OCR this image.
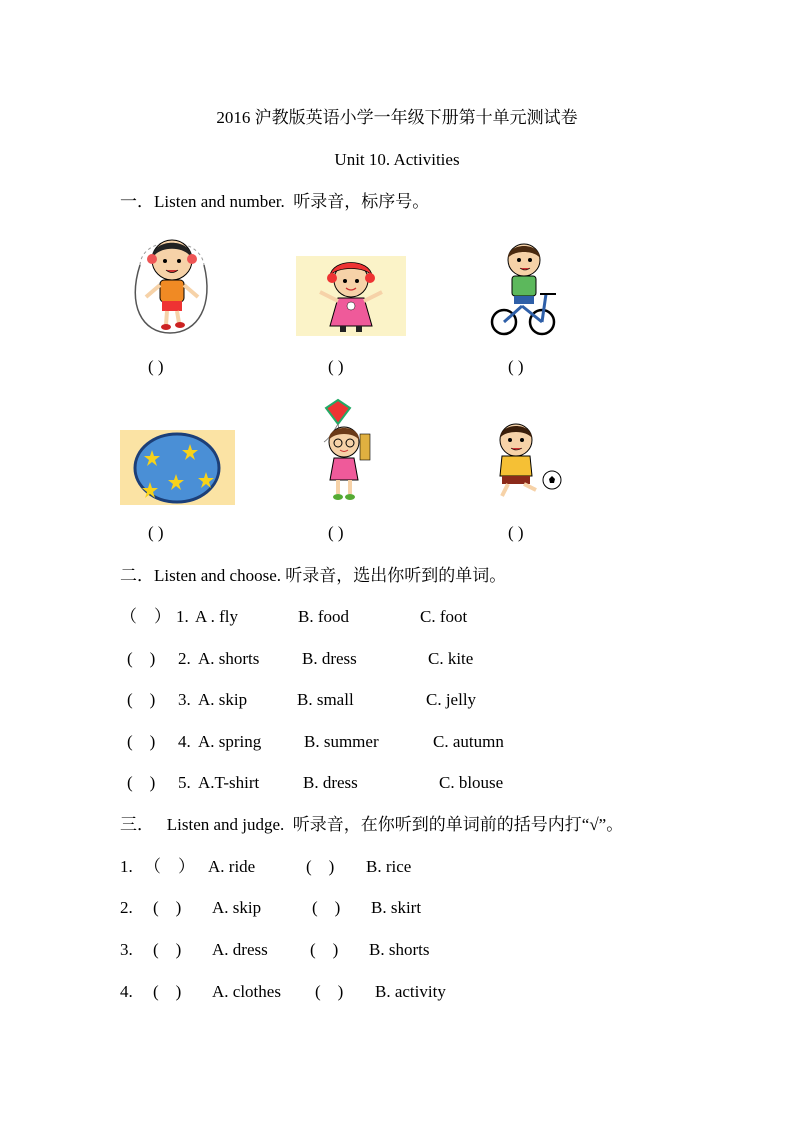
2016 沪教版英语小学一年级下册第十单元测试卷
Unit 10. Activities
一．Listen and number.  听录音，标序号。
( )	( )	( )
( )	( )	( )
二．Listen and choose. 听录音，选出你听到的单词。
（    ） 1. A . fly	B. food	C. foot
(    ) 2. A. shorts	B. dress	C. kite
(    ) 3. A. skip	B. small	C. jelly
(    ) 4. A. spring	B. summer	C. autumn
(    ) 5. A.T-shirt	B. dress	C. blouse
三．   Listen and judge.  听录音，在你听到的单词前的括号内打“√”。
1. （    ） A. ride	(    ) B. rice
2. (    ) A. skip	(    ) B. skirt
3. (    ) A. dress (    ) B. shorts
4. (    ) A. clothes (    ) B. activity
